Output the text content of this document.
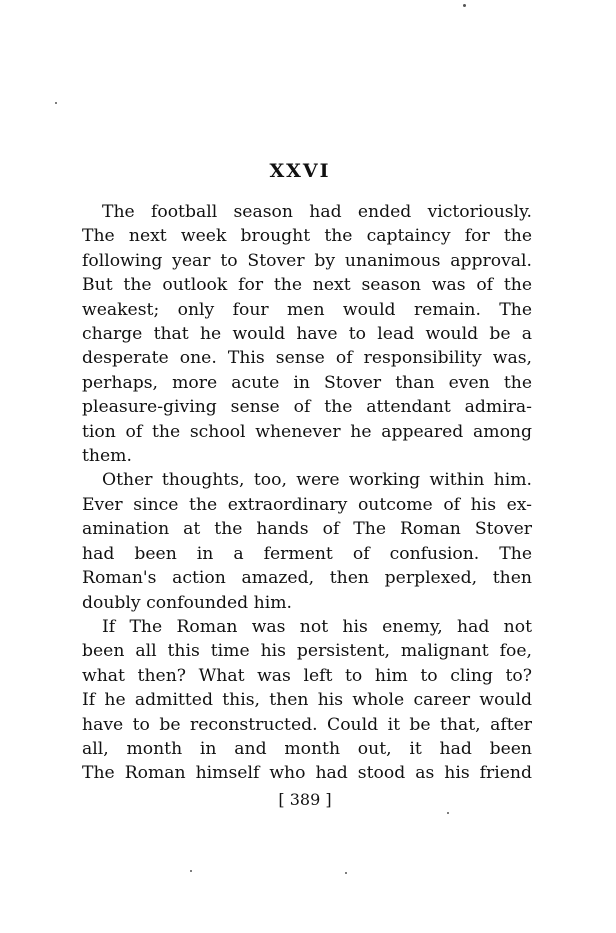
XXVI

The football season had ended victoriously.
The next week brought the captaincy for the
following year to Stover by unanimous approval.
But the outlook for the next season was of the
weakest; only four men would remain. The
charge that he would have to lead would be a
desperate one. This sense of responsibility was,
perhaps, more acute in Stover than even the
pleasure-giving sense of the attendant admira-
tion of the school whenever he appeared among
them.

Other thoughts, too, were working within him.
Ever since the extraordinary outcome of his ex-
amination at the hands of The Roman Stover
had been in a ferment of confusion. The
Roman's action amazed, then perplexed, then
doubly confounded him.

If The Roman was not his enemy, had not
been all this time his persistent, malignant foe,
what then? What was left to him to cling to?
If he admitted this, then his whole career would
have to be reconstructed. Could it be that, after
all, month in and month out, it had been
The Roman himself who had stood as his friend

[ 389 ]
